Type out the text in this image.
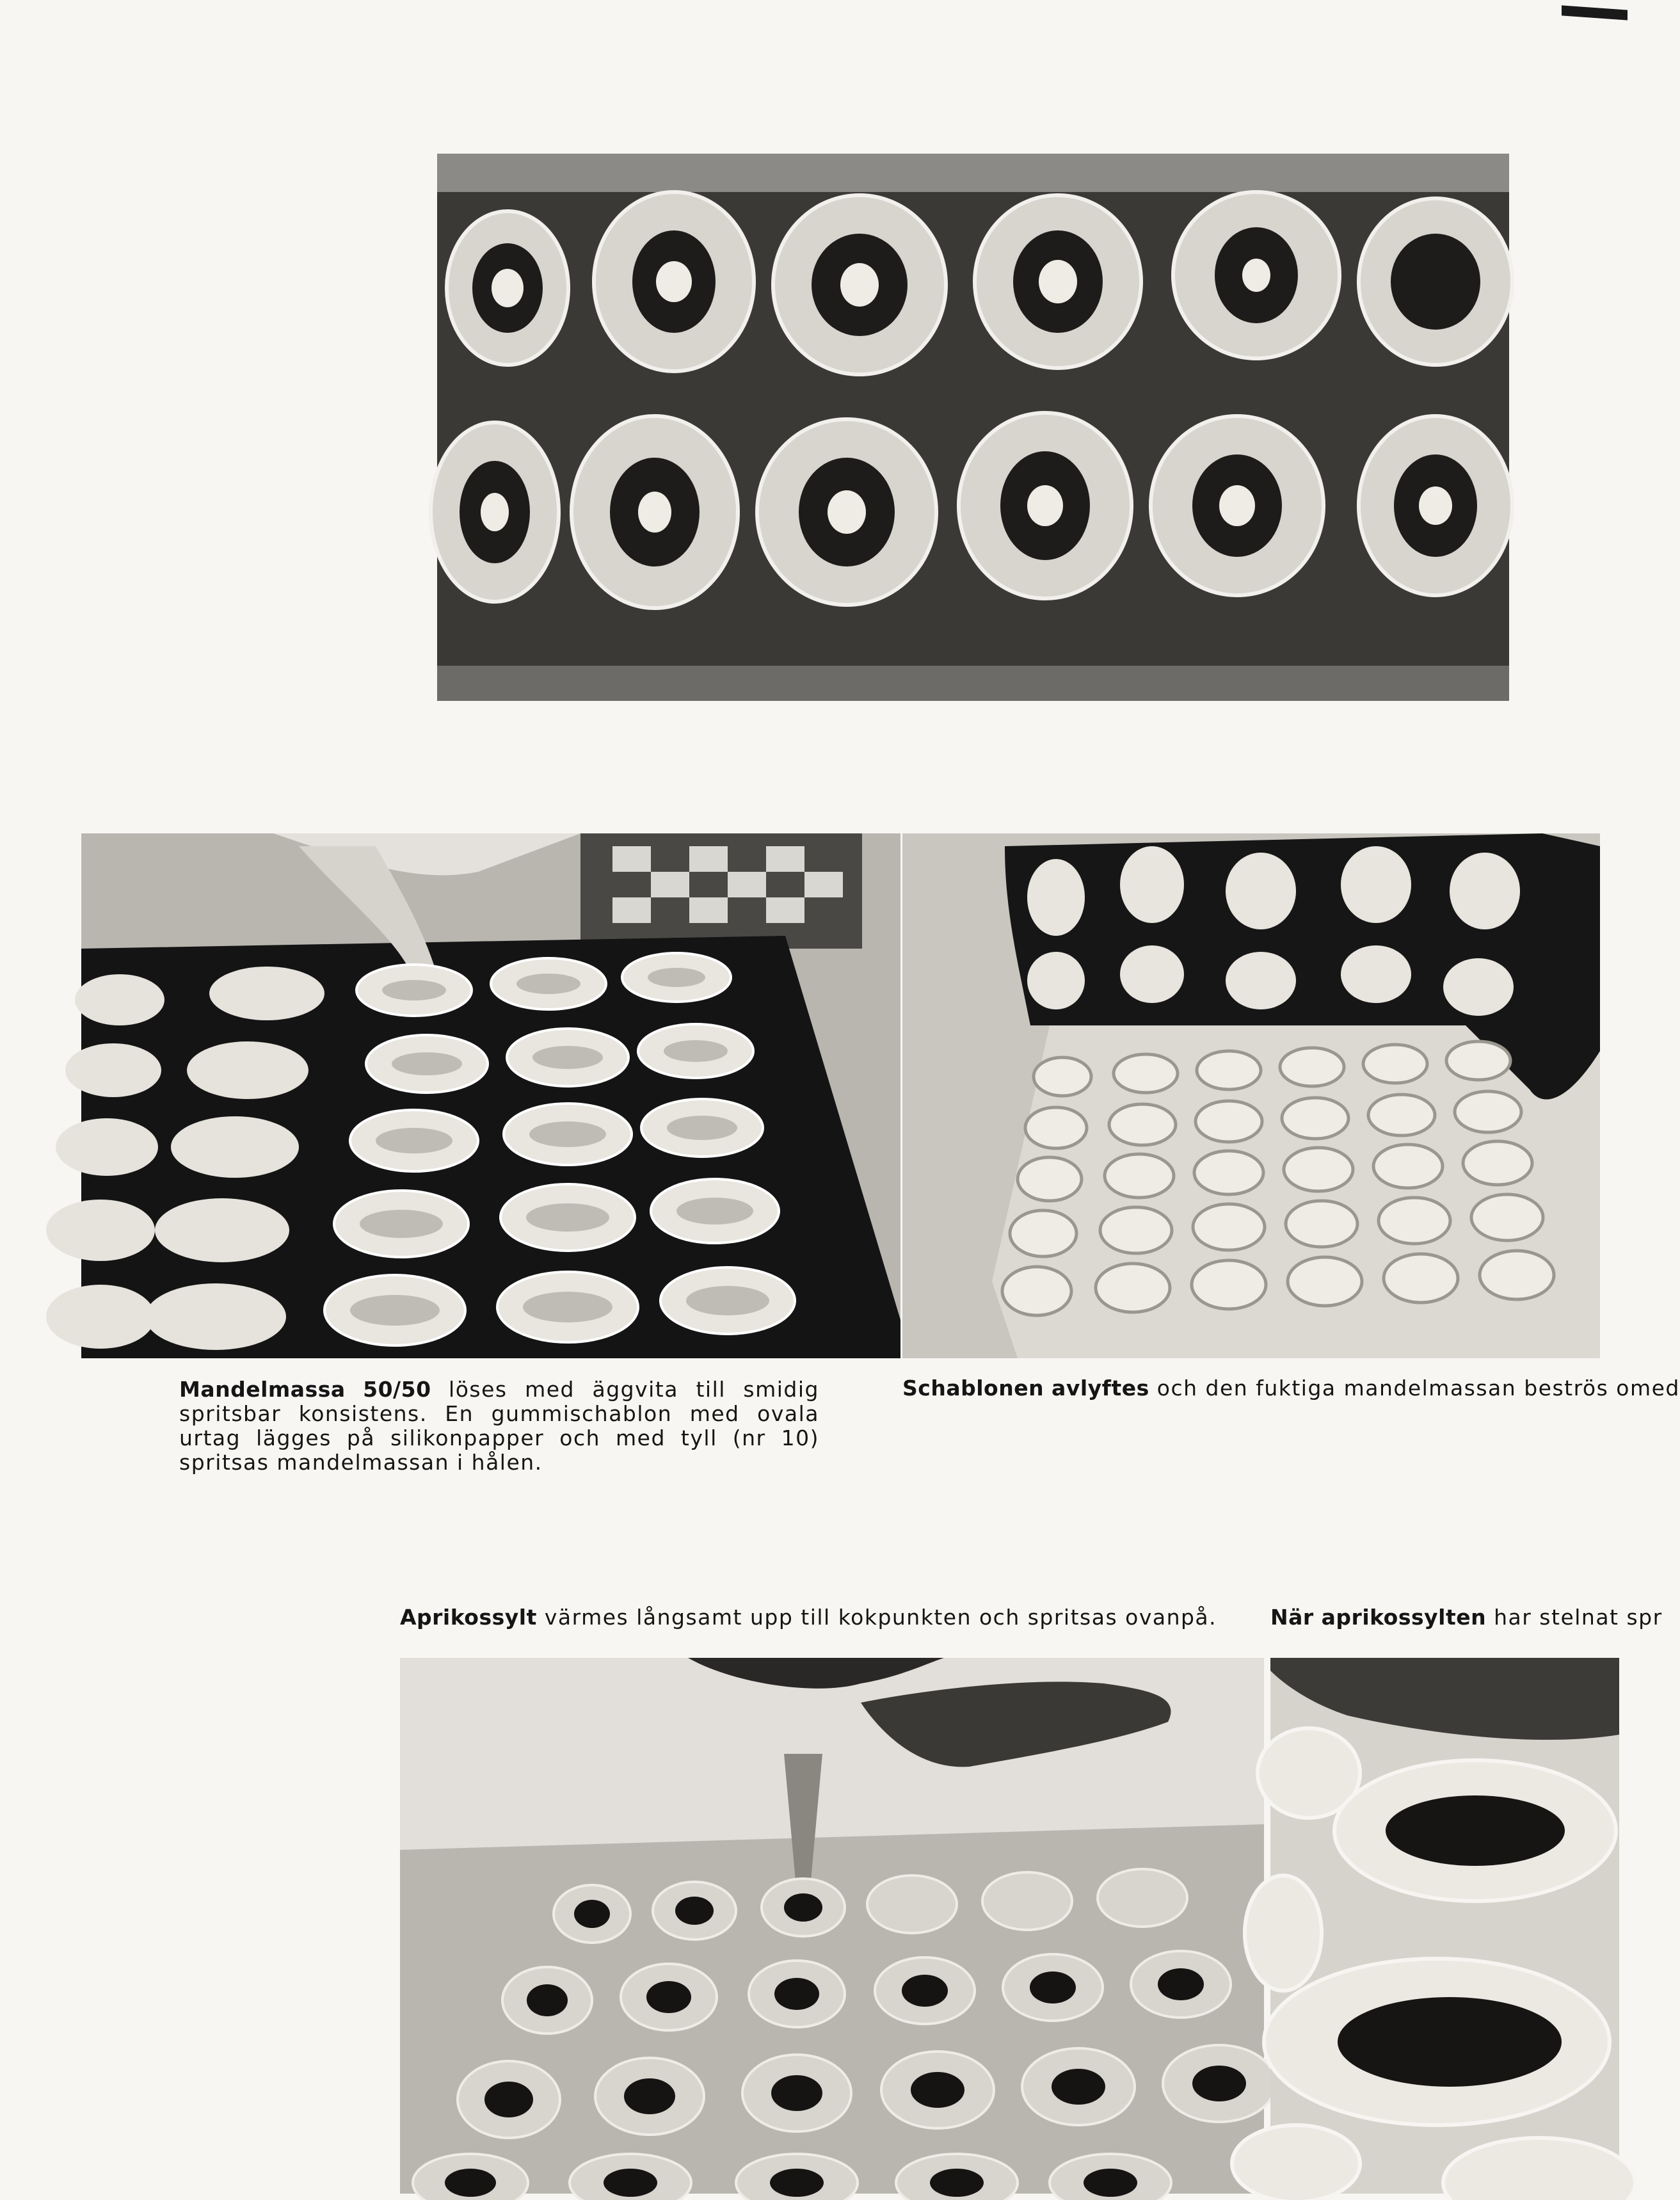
Mandelmassa 50/50 löses med äggvita till smidig spritsbar konsistens. En gummischablon med ovala urtag lägges på silikonpapper och med tyll (nr 10) spritsas mandelmassan i hålen.
Schablonen avlyftes och den fuktiga mandelmassan beströs omed
Aprikossylt värmes långsamt upp till kokpunkten och spritsas ovanpå.	När aprikossylten har stelnat spr
